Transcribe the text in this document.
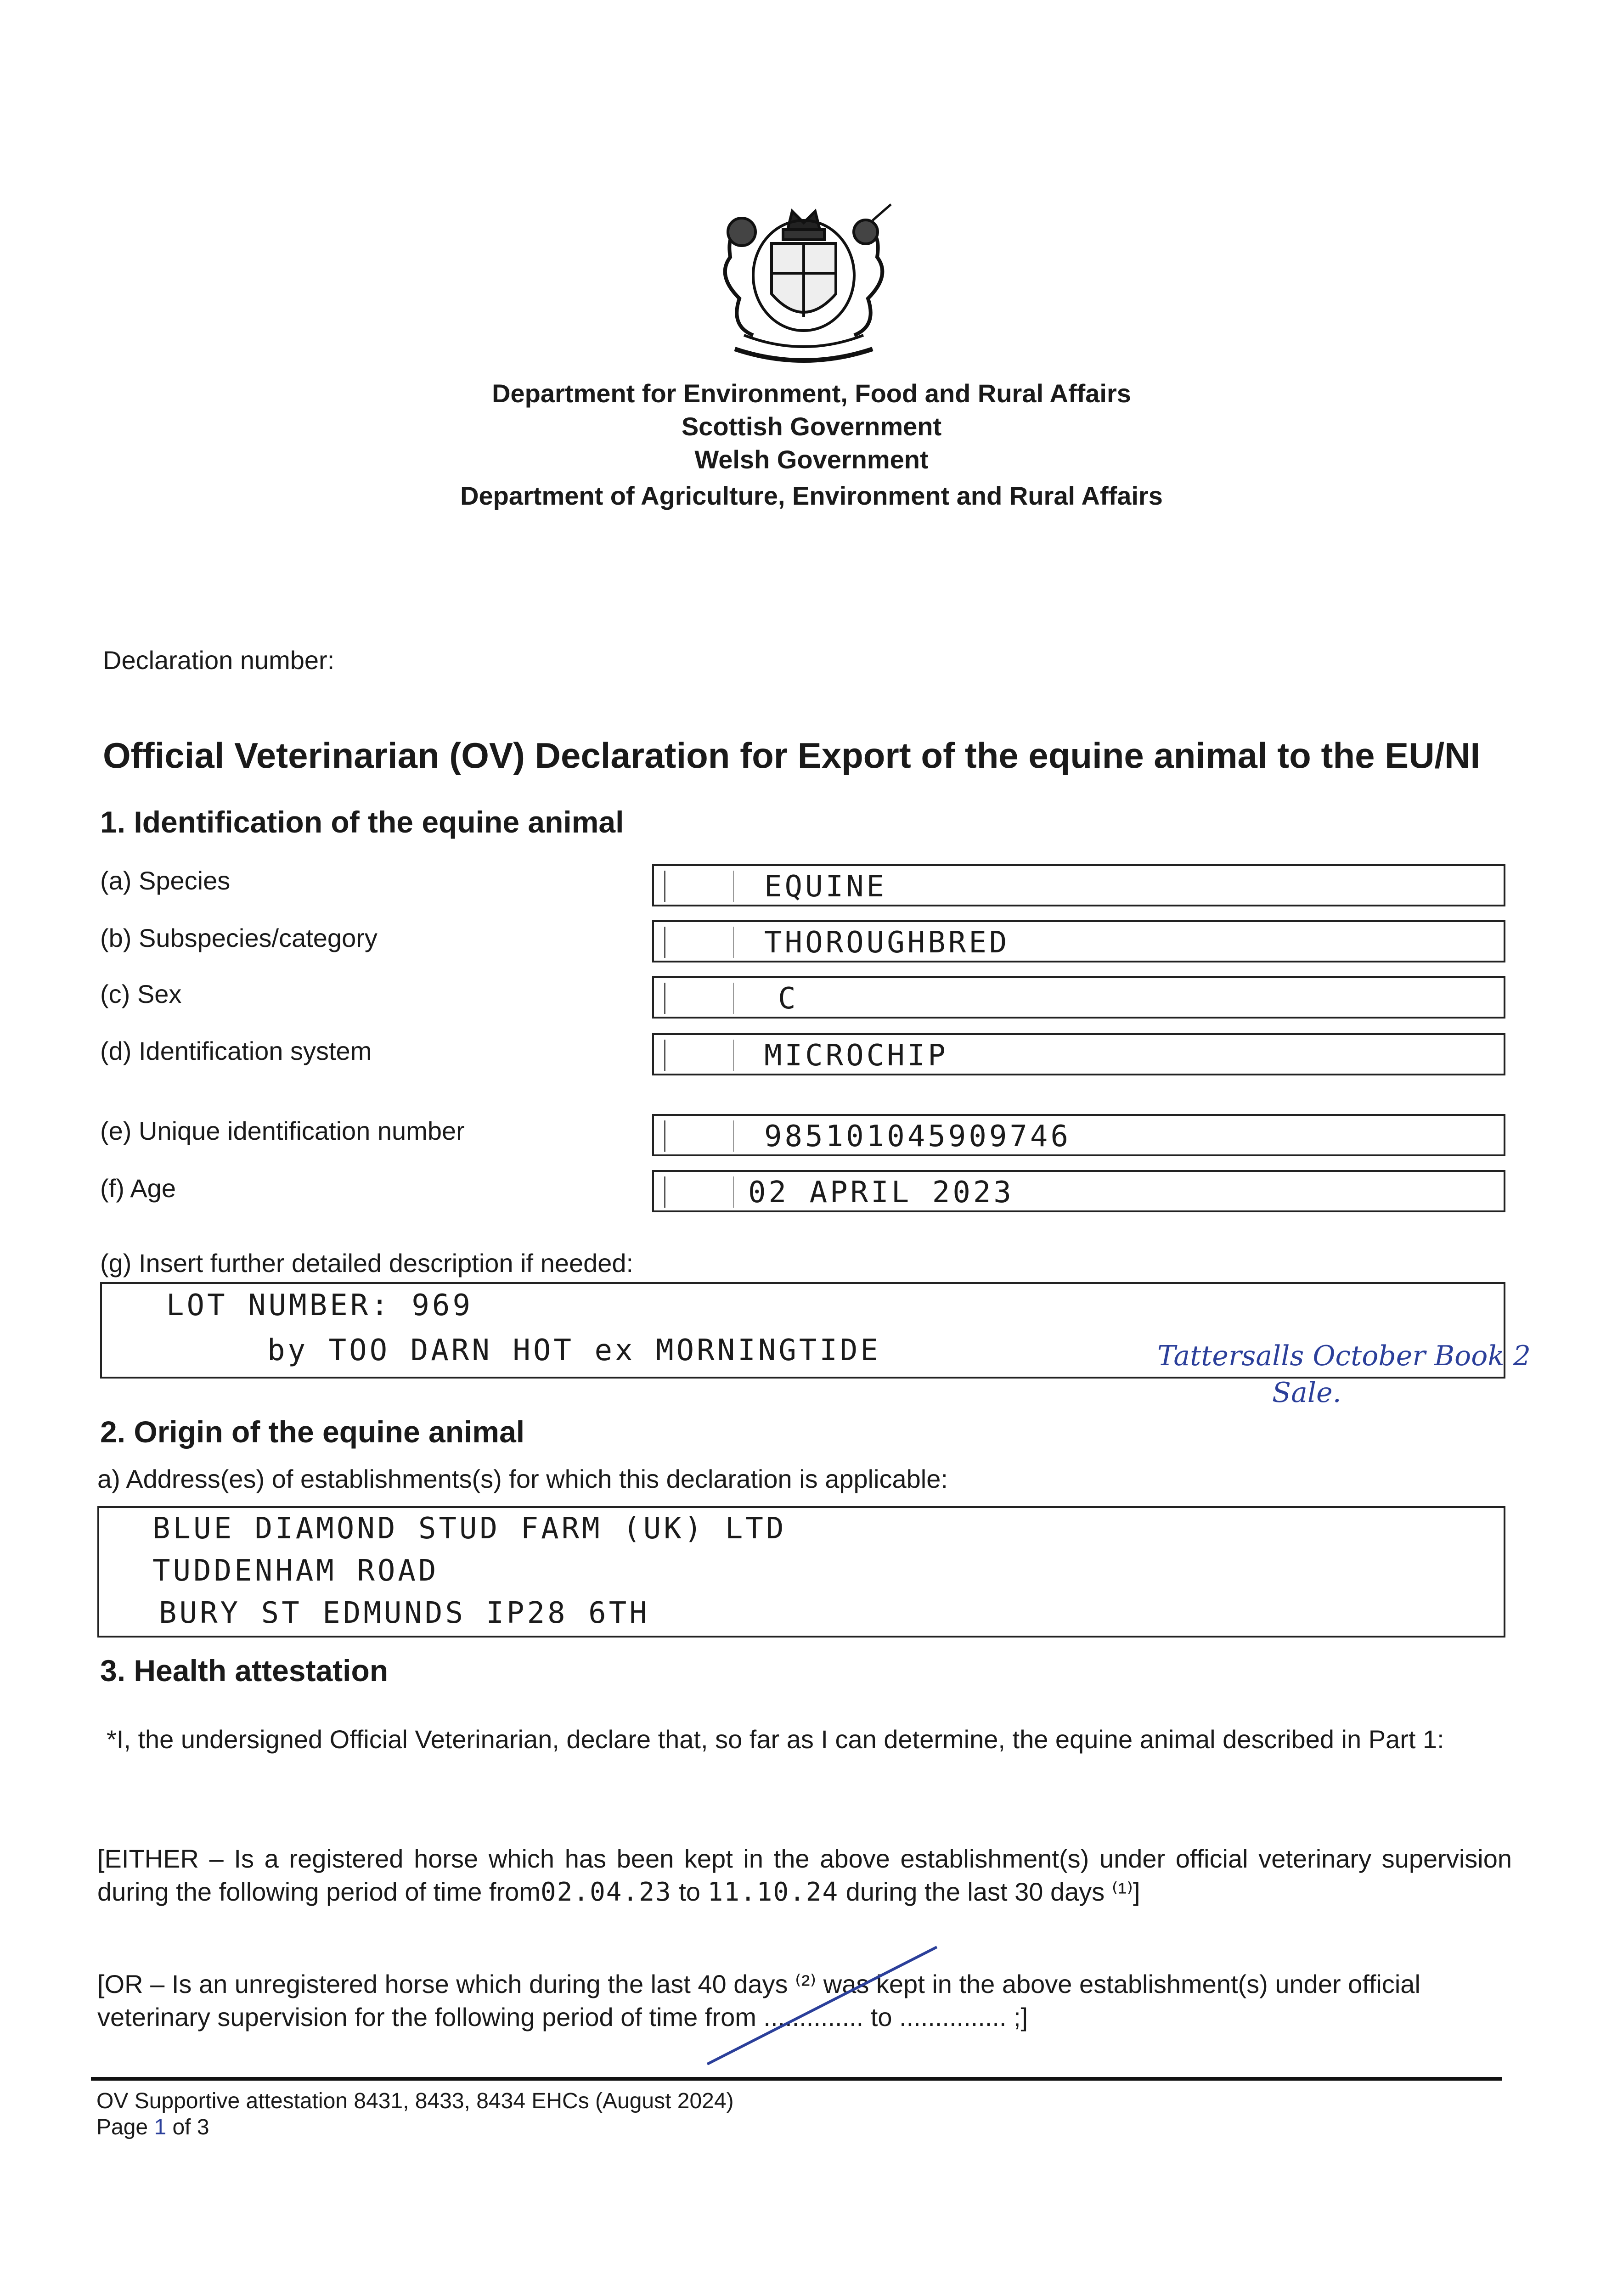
Department for Environment, Food and Rural Affairs
Scottish Government
Welsh Government
Department of Agriculture, Environment and Rural Affairs
Declaration number:
Official Veterinarian (OV) Declaration for Export of the equine animal to the EU/NI
1. Identification of the equine animal
(a) Species	EQUINE
(b) Subspecies/category	THOROUGHBRED
(c) Sex	C
(d) Identification system	MICROCHIP
(e) Unique identification number	985101045909746
(f) Age	02 APRIL 2023
(g) Insert further detailed description if needed:
LOT NUMBER: 969
by TOO DARN HOT ex MORNINGTIDE	Tattersalls October Book 2
Sale.
2. Origin of the equine animal
a) Address(es) of establishments(s) for which this declaration is applicable:
BLUE DIAMOND STUD FARM (UK) LTD
TUDDENHAM ROAD
BURY ST EDMUNDS IP28 6TH
3. Health attestation
*I, the undersigned Official Veterinarian, declare that, so far as I can determine, the equine animal described in Part 1:
[EITHER – Is a registered horse which has been kept in the above establishment(s) under official veterinary supervision during the following period of time from02.04.23 to 11.10.24 during the last 30 days ⁽¹⁾]
[OR – Is an unregistered horse which during the last 40 days ⁽²⁾ was kept in the above establishment(s) under official
veterinary supervision for the following period of time from .............. to ............... ;]
OV Supportive attestation 8431, 8433, 8434 EHCs (August 2024)
Page 1 of 3
